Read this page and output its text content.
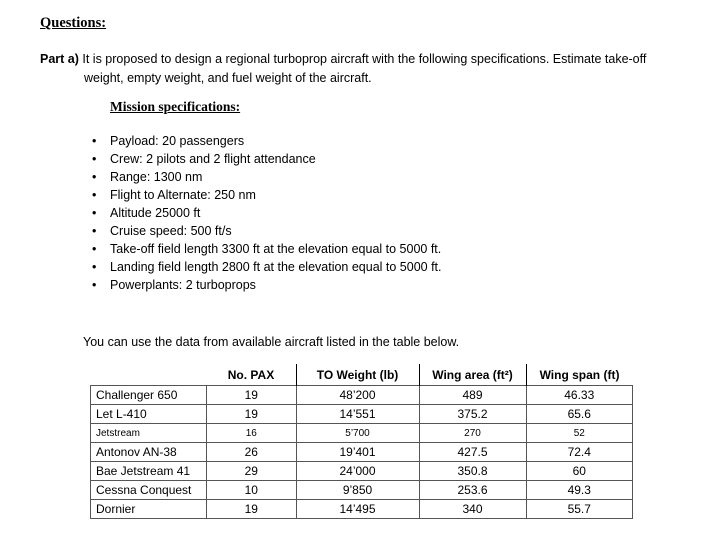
Questions:
Part a) It is proposed to design a regional turboprop aircraft with the following specifications. Estimate take-off
weight, empty weight, and fuel weight of the aircraft.
Mission specifications:
• Payload: 20 passengers
• Crew: 2 pilots and 2 flight attendance
• Range: 1300 nm
• Flight to Alternate: 250 nm
• Altitude 25000 ft
• Cruise speed: 500 ft/s
• Take-off field length 3300 ft at the elevation equal to 5000 ft.
• Landing field length 2800 ft at the elevation equal to 5000 ft.
• Powerplants: 2 turboprops
You can use the data from available aircraft listed in the table below.
	No. PAX	TO Weight (lb)	Wing area (ft²)	Wing span (ft)
Challenger 650	19	48’200	489	46.33
Let L-410	19	14’551	375.2	65.6
Jetstream	16	5’700	270	52
Antonov AN-38	26	19’401	427.5	72.4
Bae Jetstream 41	29	24’000	350.8	60
Cessna Conquest	10	9’850	253.6	49.3
Dornier	19	14’495	340	55.7
